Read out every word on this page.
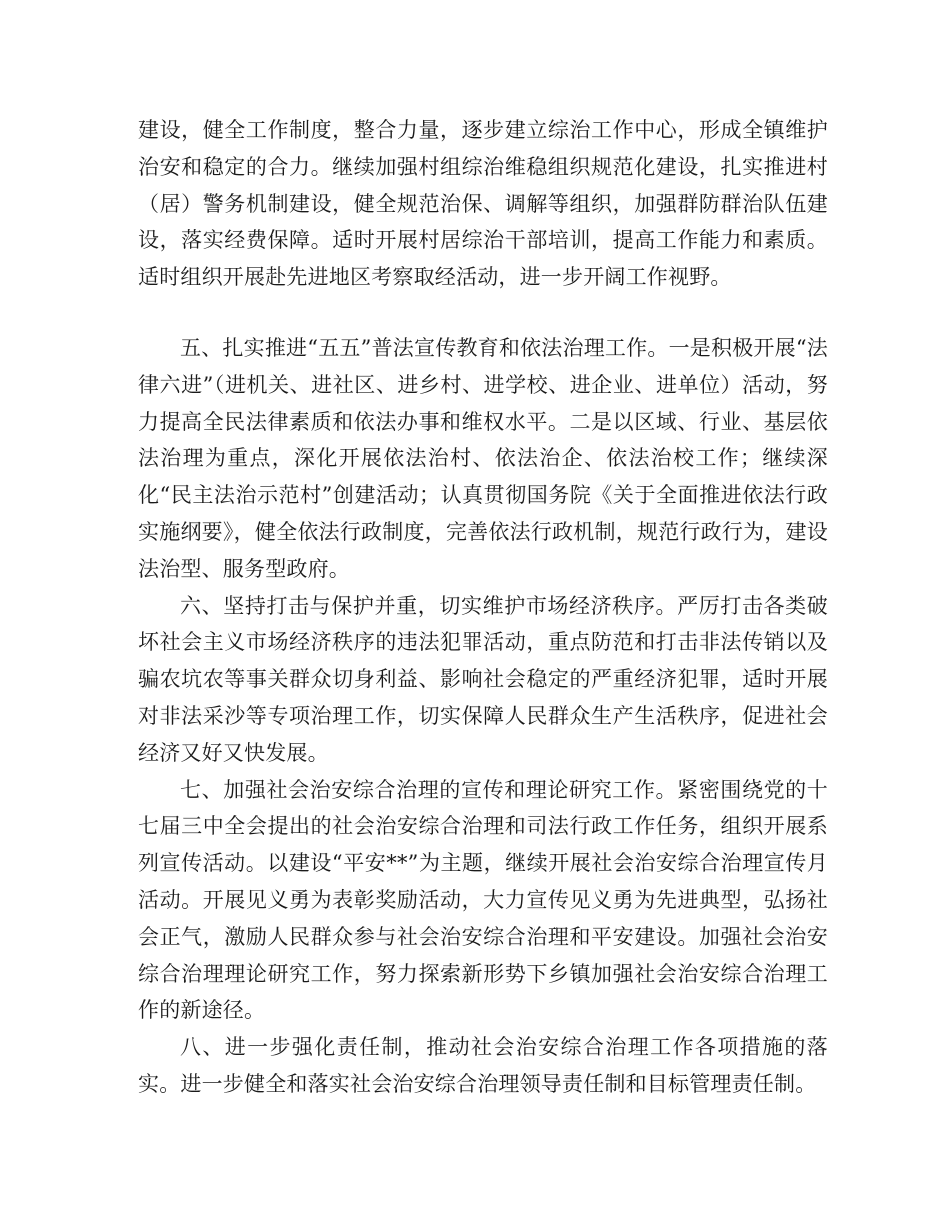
建设，健全工作制度，整合力量，逐步建立综治工作中心，形成全镇维护治安和稳定的合力。继续加强村组综治维稳组织规范化建设，扎实推进村（居）警务机制建设，健全规范治保、调解等组织，加强群防群治队伍建设，落实经费保障。适时开展村居综治干部培训，提高工作能力和素质。适时组织开展赴先进地区考察取经活动，进一步开阔工作视野。

五、扎实推进“五五”普法宣传教育和依法治理工作。一是积极开展“法律六进”（进机关、进社区、进乡村、进学校、进企业、进单位）活动，努力提高全民法律素质和依法办事和维权水平。二是以区域、行业、基层依法治理为重点，深化开展依法治村、依法治企、依法治校工作；继续深化“民主法治示范村”创建活动；认真贯彻国务院《关于全面推进依法行政实施纲要》，健全依法行政制度，完善依法行政机制，规范行政行为，建设法治型、服务型政府。

六、坚持打击与保护并重，切实维护市场经济秩序。严厉打击各类破坏社会主义市场经济秩序的违法犯罪活动，重点防范和打击非法传销以及骗农坑农等事关群众切身利益、影响社会稳定的严重经济犯罪，适时开展对非法采沙等专项治理工作，切实保障人民群众生产生活秩序，促进社会经济又好又快发展。

七、加强社会治安综合治理的宣传和理论研究工作。紧密围绕党的十七届三中全会提出的社会治安综合治理和司法行政工作任务，组织开展系列宣传活动。以建设“平安**”为主题，继续开展社会治安综合治理宣传月活动。开展见义勇为表彰奖励活动，大力宣传见义勇为先进典型，弘扬社会正气，激励人民群众参与社会治安综合治理和平安建设。加强社会治安综合治理理论研究工作，努力探索新形势下乡镇加强社会治安综合治理工作的新途径。

八、进一步强化责任制，推动社会治安综合治理工作各项措施的落实。进一步健全和落实社会治安综合治理领导责任制和目标管理责任制。
